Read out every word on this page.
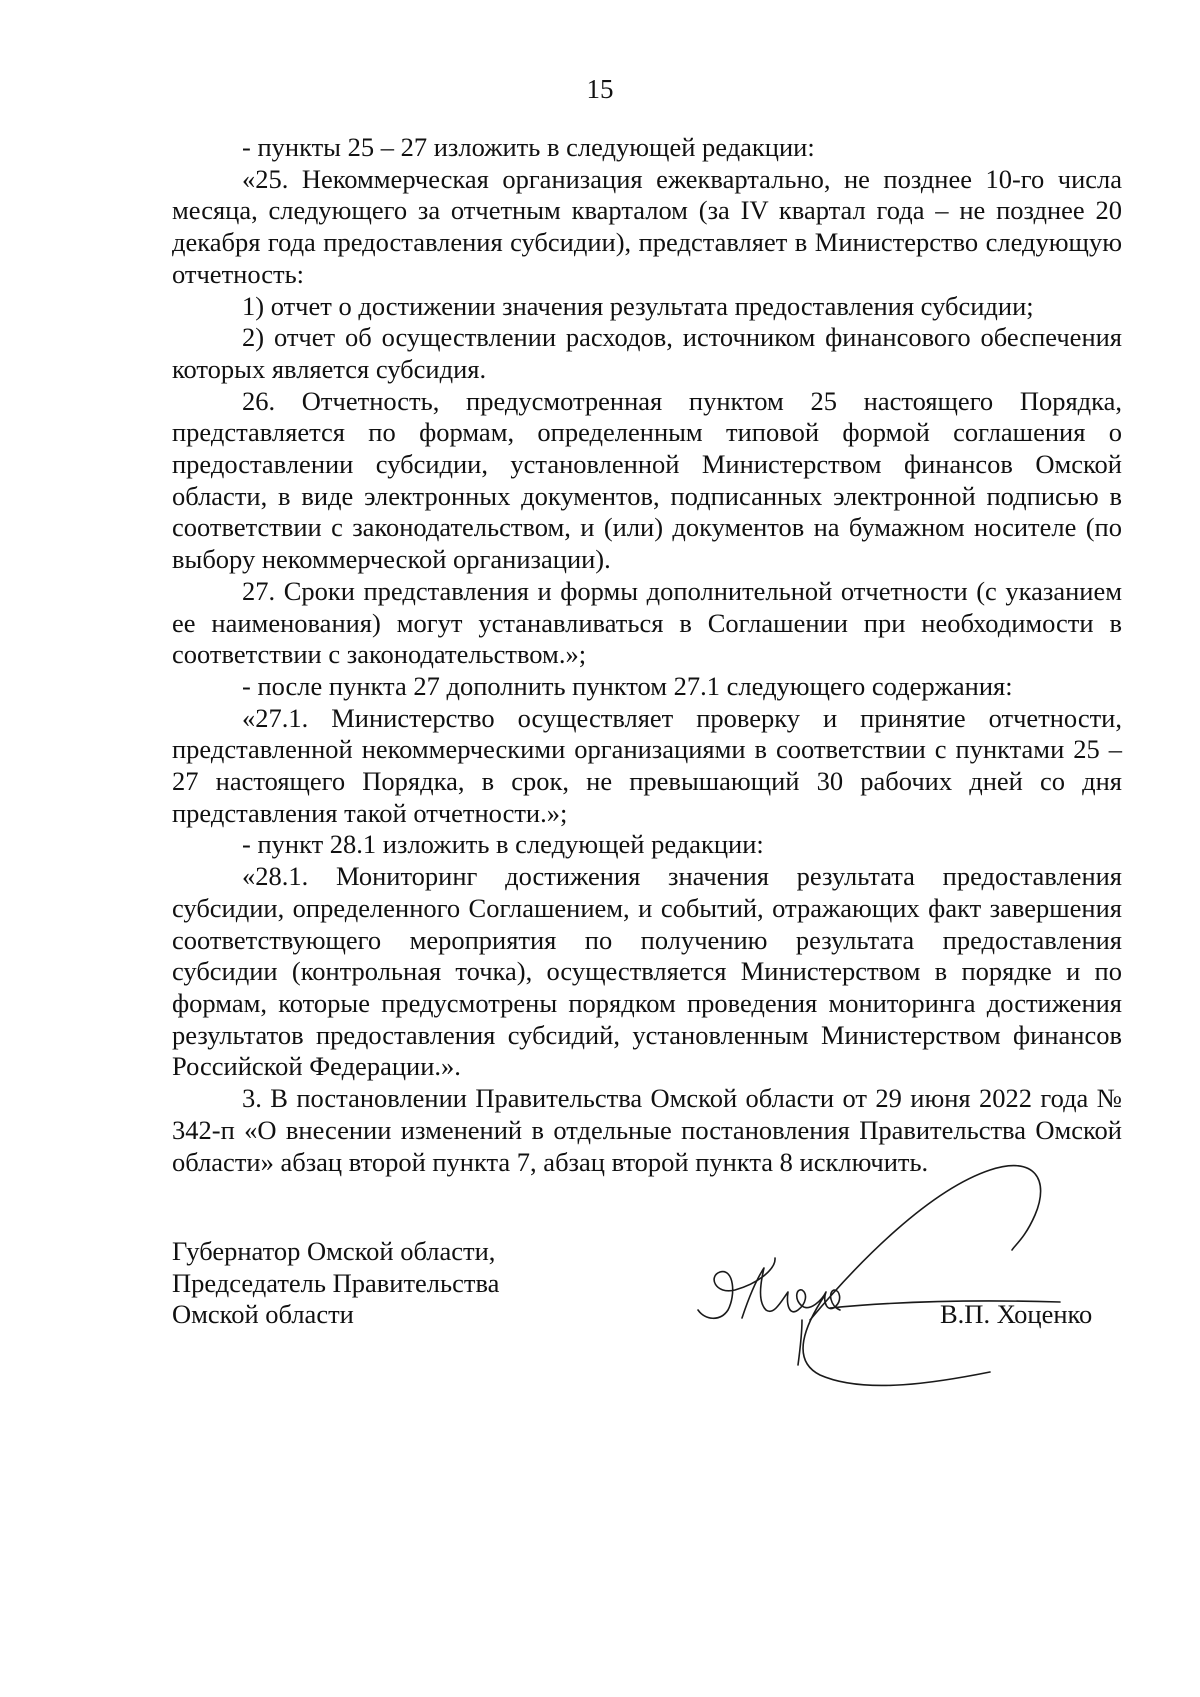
15

- пункты 25 – 27 изложить в следующей редакции:

«25. Некоммерческая организация ежеквартально, не позднее 10-го числа месяца, следующего за отчетным кварталом (за IV квартал года – не позднее 20 декабря года предоставления субсидии), представляет в Министерство следующую отчетность:

1) отчет о достижении значения результата предоставления субсидии;

2) отчет об осуществлении расходов, источником финансового обеспечения которых является субсидия.

26. Отчетность, предусмотренная пунктом 25 настоящего Порядка, представляется по формам, определенным типовой формой соглашения о предоставлении субсидии, установленной Министерством финансов Омской области, в виде электронных документов, подписанных электронной подписью в соответствии с законодательством, и (или) документов на бумажном носителе (по выбору некоммерческой организации).

27. Сроки представления и формы дополнительной отчетности (с указанием ее наименования) могут устанавливаться в Соглашении при необходимости в соответствии с законодательством.»;

- после пункта 27 дополнить пунктом 27.1 следующего содержания:

«27.1. Министерство осуществляет проверку и принятие отчетности, представленной некоммерческими организациями в соответствии с пунктами 25 – 27 настоящего Порядка, в срок, не превышающий 30 рабочих дней со дня представления такой отчетности.»;

- пункт 28.1 изложить в следующей редакции:

«28.1. Мониторинг достижения значения результата предоставления субсидии, определенного Соглашением, и событий, отражающих факт завершения соответствующего мероприятия по получению результата предоставления субсидии (контрольная точка), осуществляется Министерством в порядке и по формам, которые предусмотрены порядком проведения мониторинга достижения результатов предоставления субсидий, установленным Министерством финансов Российской Федерации.».

3. В постановлении Правительства Омской области от 29 июня 2022 года № 342-п «О внесении изменений в отдельные постановления Правительства Омской области» абзац второй пункта 7, абзац второй пункта 8 исключить.

Губернатор Омской области,
Председатель Правительства
Омской области	В.П. Хоценко
